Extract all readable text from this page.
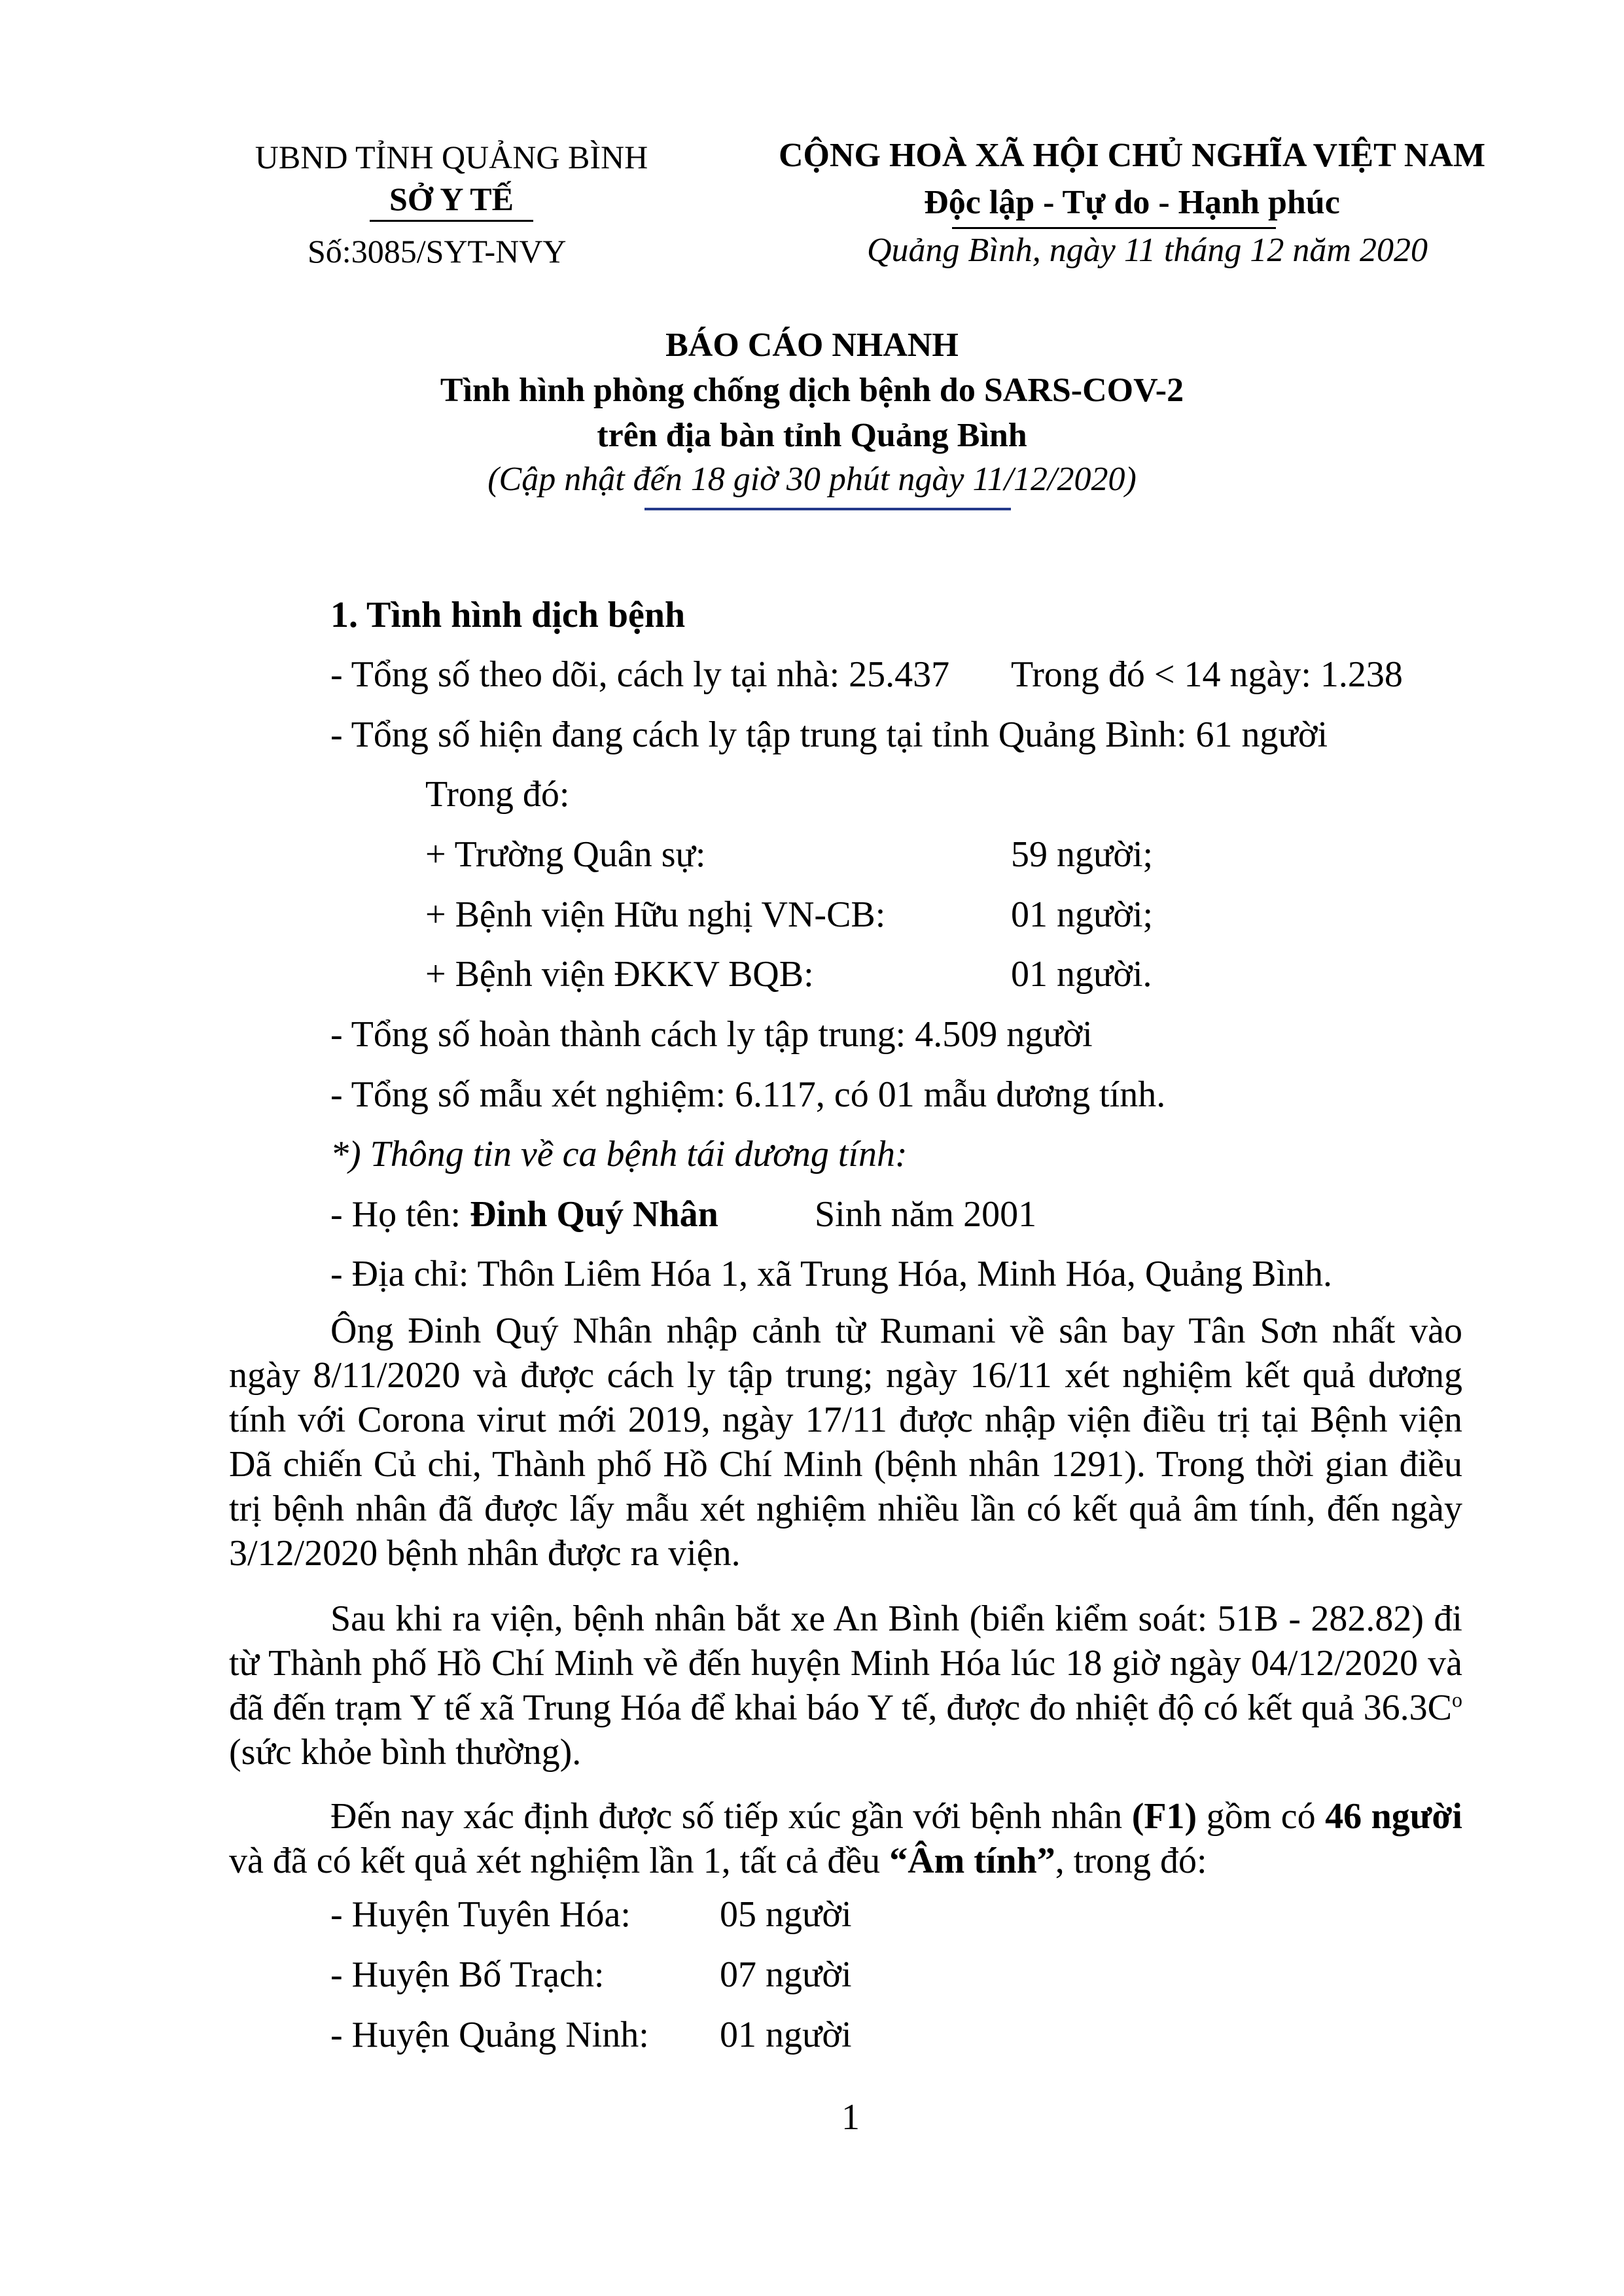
UBND TỈNH QUẢNG BÌNH
SỞ Y TẾ
Số:3085/SYT-NVY
CỘNG HOÀ XÃ HỘI CHỦ NGHĨA VIỆT NAM
Độc lập - Tự do - Hạnh phúc
Quảng Bình, ngày 11 tháng 12 năm 2020
BÁO CÁO NHANH
Tình hình phòng chống dịch bệnh do SARS-COV-2
trên địa bàn tỉnh Quảng Bình
(Cập nhật đến 18 giờ 30 phút ngày 11/12/2020)
1. Tình hình dịch bệnh
- Tổng số theo dõi, cách ly tại nhà: 25.437 Trong đó < 14 ngày: 1.238
- Tổng số hiện đang cách ly tập trung tại tỉnh Quảng Bình: 61 người
Trong đó:
+ Trường Quân sự:	59 người;
+ Bệnh viện Hữu nghị VN-CB:	01 người;
+ Bệnh viện ĐKKV BQB:	01 người.
- Tổng số hoàn thành cách ly tập trung: 4.509 người
- Tổng số mẫu xét nghiệm: 6.117, có 01 mẫu dương tính.
*) Thông tin về ca bệnh tái dương tính:
- Họ tên: Đinh Quý Nhân	Sinh năm 2001
- Địa chỉ: Thôn Liêm Hóa 1, xã Trung Hóa, Minh Hóa, Quảng Bình.

Ông Đinh Quý Nhân nhập cảnh từ Rumani về sân bay Tân Sơn nhất vào ngày 8/11/2020 và được cách ly tập trung; ngày 16/11 xét nghiệm kết quả dương tính với Corona virut mới 2019, ngày 17/11 được nhập viện điều trị tại Bệnh viện Dã chiến Củ chi, Thành phố Hồ Chí Minh (bệnh nhân 1291). Trong thời gian điều trị bệnh nhân đã được lấy mẫu xét nghiệm nhiều lần có kết quả âm tính, đến ngày 3/12/2020 bệnh nhân được ra viện.

Sau khi ra viện, bệnh nhân bắt xe An Bình (biển kiểm soát: 51B - 282.82) đi từ Thành phố Hồ Chí Minh về đến huyện Minh Hóa lúc 18 giờ ngày 04/12/2020 và đã đến trạm Y tế xã Trung Hóa để khai báo Y tế, được đo nhiệt độ có kết quả $36.3C^o$ (sức khỏe bình thường).

Đến nay xác định được số tiếp xúc gần với bệnh nhân (F1) gồm có 46 người và đã có kết quả xét nghiệm lần 1, tất cả đều “Âm tính”, trong đó:

- Huyện Tuyên Hóa: 05 người
- Huyện Bố Trạch:	07 người
- Huyện Quảng Ninh: 01 người
1
